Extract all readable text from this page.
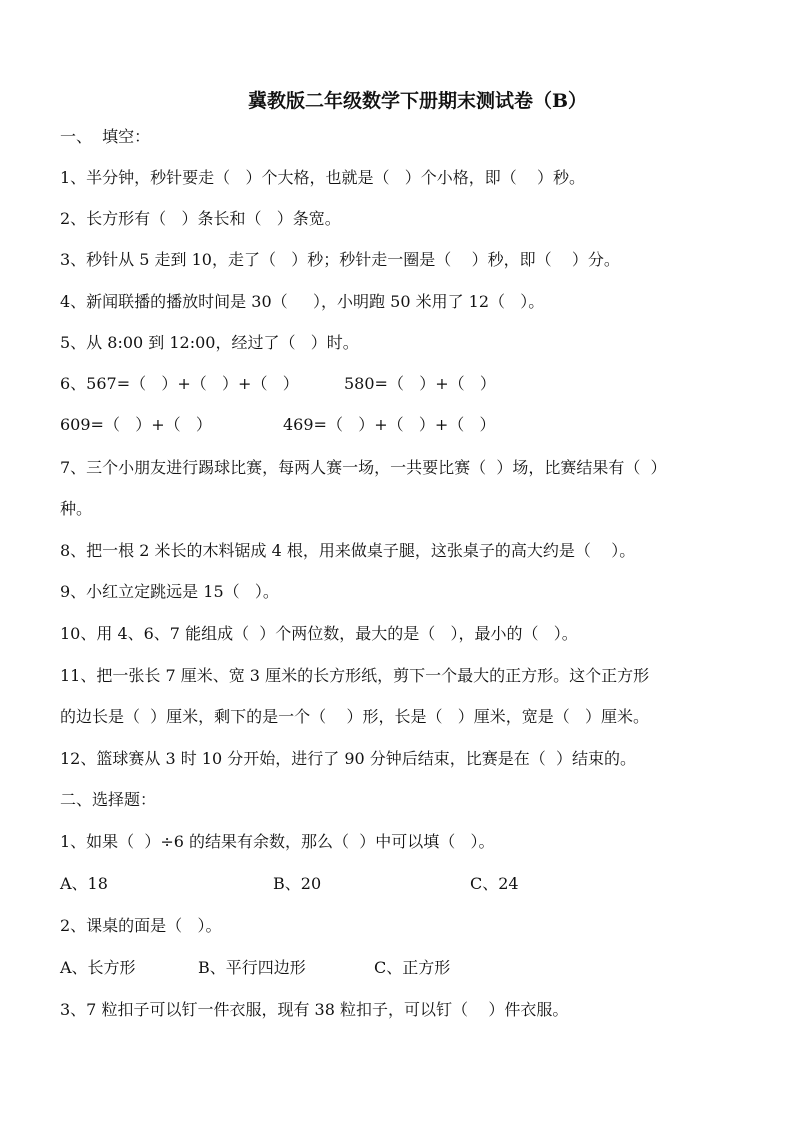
冀教版二年级数学下册期末测试卷（B）
一、  填空：
1、半分钟，秒针要走（   ）个大格，也就是（   ）个小格，即（    ）秒。
2、长方形有（   ）条长和（   ）条宽。
3、秒针从 5 走到 10，走了（   ）秒；秒针走一圈是（    ）秒，即（    ）分。
4、新闻联播的播放时间是 30（     ），小明跑 50 米用了 12（   ）。
5、从 8:00 到 12:00，经过了（   ）时。
6、567=（   ）+（   ）+（   ）	580=（   ）+（   ）
609=（   ）+（   ）	469=（   ）+（   ）+（   ）
7、三个小朋友进行踢球比赛，每两人赛一场，一共要比赛（  ）场，比赛结果有（  ）
种。
8、把一根 2 米长的木料锯成 4 根，用来做桌子腿，这张桌子的高大约是（    ）。
9、小红立定跳远是 15（   ）。
10、用 4、6、7 能组成（  ）个两位数，最大的是（   ），最小的（   ）。
11、把一张长 7 厘米、宽 3 厘米的长方形纸，剪下一个最大的正方形。这个正方形
的边长是（  ）厘米，剩下的是一个（    ）形，长是（   ）厘米，宽是（   ）厘米。
12、篮球赛从 3 时 10 分开始，进行了 90 分钟后结束，比赛是在（  ）结束的。
二、选择题：
1、如果（  ）÷6 的结果有余数，那么（  ）中可以填（   ）。
A、18	B、20	C、24
2、课桌的面是（   ）。
A、长方形	B、平行四边形	C、正方形
3、7 粒扣子可以钉一件衣服，现有 38 粒扣子，可以钉（    ）件衣服。
